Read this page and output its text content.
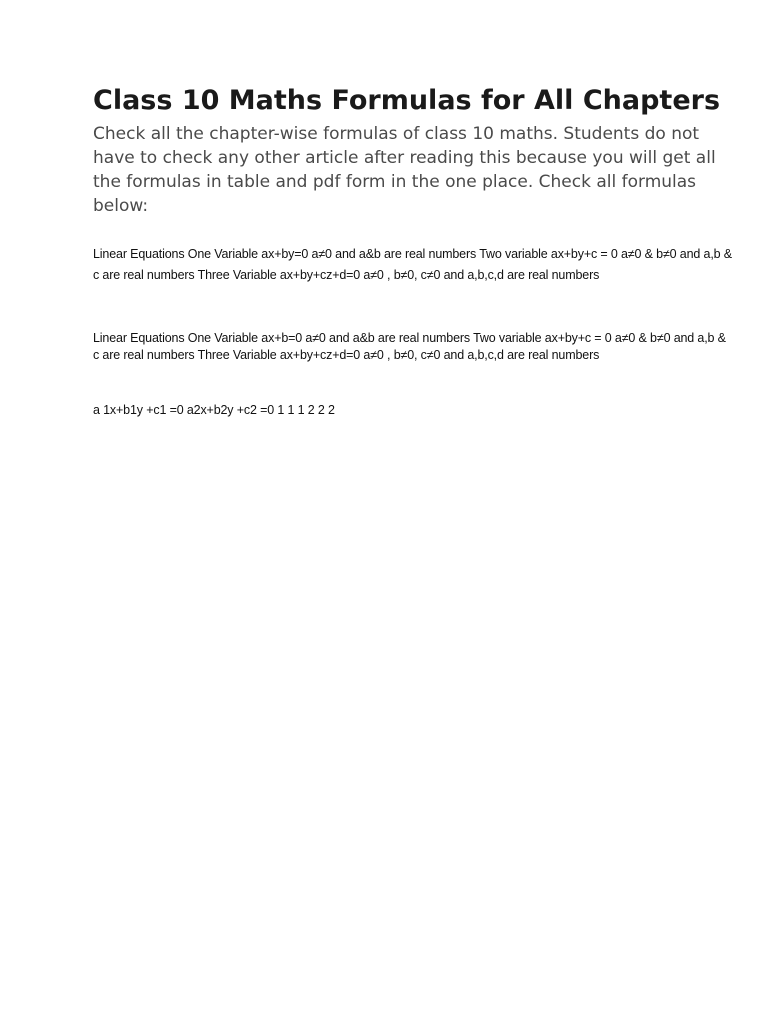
Class 10 Maths Formulas for All Chapters

Check all the chapter-wise formulas of class 10 maths. Students do not have to check any other article after reading this because you will get all the formulas in table and pdf form in the one place. Check all formulas below:

Linear Equations One Variable ax+by=0 a≠0 and a&b are real numbers Two variable ax+by+c = 0 a≠0 & b≠0 and a,b & c are real numbers Three Variable ax+by+cz+d=0 a≠0 , b≠0, c≠0 and a,b,c,d are real numbers

Linear Equations One Variable ax+b=0 a≠0 and a&b are real numbers Two variable ax+by+c = 0 a≠0 & b≠0 and a,b & c are real numbers Three Variable ax+by+cz+d=0 a≠0 , b≠0, c≠0 and a,b,c,d are real numbers

a 1x+b1y +c1 =0 a2x+b2y +c2 =0 1 1 1 2 2 2
